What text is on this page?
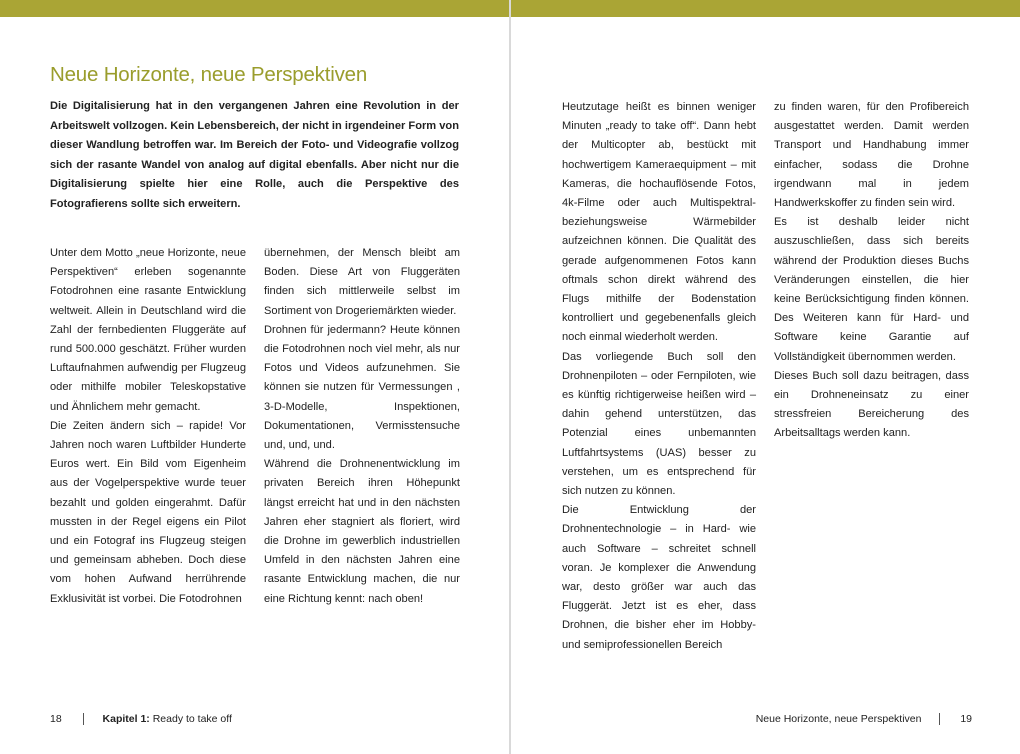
Neue Horizonte, neue Perspektiven
Die Digitalisierung hat in den vergangenen Jahren eine Revolution in der Arbeitswelt vollzogen. Kein Lebensbereich, der nicht in irgendeiner Form von dieser Wandlung betroffen war. Im Bereich der Foto- und Videografie vollzog sich der rasante Wandel von analog auf digital ebenfalls. Aber nicht nur die Digitalisierung spielte hier eine Rolle, auch die Perspektive des Fotografierens sollte sich erweitern.

Unter dem Motto „neue Horizonte, neue Perspektiven“ erleben sogenannte Fotodrohnen eine rasante Entwicklung weltweit. Allein in Deutschland wird die Zahl der fernbedienten Fluggeräte auf rund 500.000 geschätzt. Früher wurden Luftaufnahmen aufwendig per Flugzeug oder mithilfe mobiler Teleskopstative und Ähnlichem mehr gemacht.

Die Zeiten ändern sich – rapide! Vor Jahren noch waren Luftbilder Hunderte Euros wert. Ein Bild vom Eigenheim aus der Vogelperspektive wurde teuer bezahlt und golden eingerahmt. Dafür mussten in der Regel eigens ein Pilot und ein Fotograf ins Flugzeug steigen und gemeinsam abheben. Doch diese vom hohen Aufwand herrührende Exklusivität ist vorbei. Die Fotodrohnen

übernehmen, der Mensch bleibt am Boden. Diese Art von Fluggeräten finden sich mittlerweile selbst im Sortiment von Drogeriemärkten wieder.

Drohnen für jedermann? Heute können die Fotodrohnen noch viel mehr, als nur Fotos und Videos aufzunehmen. Sie können sie nutzen für Vermessungen , 3-D-Modelle, Inspektionen, Dokumentationen, Vermisstensuche und, und, und.

Während die Drohnenentwicklung im privaten Bereich ihren Höhepunkt längst erreicht hat und in den nächsten Jahren eher stagniert als floriert, wird die Drohne im gewerblich industriellen Umfeld in den nächsten Jahren eine rasante Entwicklung machen, die nur eine Richtung kennt: nach oben!

18	Kapitel 1: Ready to take off

Heutzutage heißt es binnen weniger Minuten „ready to take off“. Dann hebt der Multicopter ab, bestückt mit hochwertigem Kameraequipment – mit Kameras, die hochauflösende Fotos, 4k-Filme oder auch Multispektral- beziehungsweise Wärmebilder aufzeichnen können. Die Qualität des gerade aufgenommenen Fotos kann oftmals schon direkt während des Flugs mithilfe der Bodenstation kontrolliert und gegebenenfalls gleich noch einmal wiederholt werden.

Das vorliegende Buch soll den Drohnenpiloten – oder Fernpiloten, wie es künftig richtigerweise heißen wird – dahin gehend unterstützen, das Potenzial eines unbemannten Luftfahrtsystems (UAS) besser zu verstehen, um es entsprechend für sich nutzen zu können.

Die Entwicklung der Drohnentechnologie – in Hard- wie auch Software – schreitet schnell voran. Je komplexer die Anwendung war, desto größer war auch das Fluggerät. Jetzt ist es eher, dass Drohnen, die bisher eher im Hobby- und semiprofessionellen Bereich

zu finden waren, für den Profibereich ausgestattet werden. Damit werden Transport und Handhabung immer einfacher, sodass die Drohne irgendwann mal in jedem Handwerkskoffer zu finden sein wird.

Es ist deshalb leider nicht auszuschließen, dass sich bereits während der Produktion dieses Buchs Veränderungen einstellen, die hier keine Berücksichtigung finden können. Des Weiteren kann für Hard- und Software keine Garantie auf Vollständigkeit übernommen werden.

Dieses Buch soll dazu beitragen, dass ein Drohneneinsatz zu einer stressfreien Bereicherung des Arbeitsalltags werden kann.

Neue Horizonte, neue Perspektiven	19
